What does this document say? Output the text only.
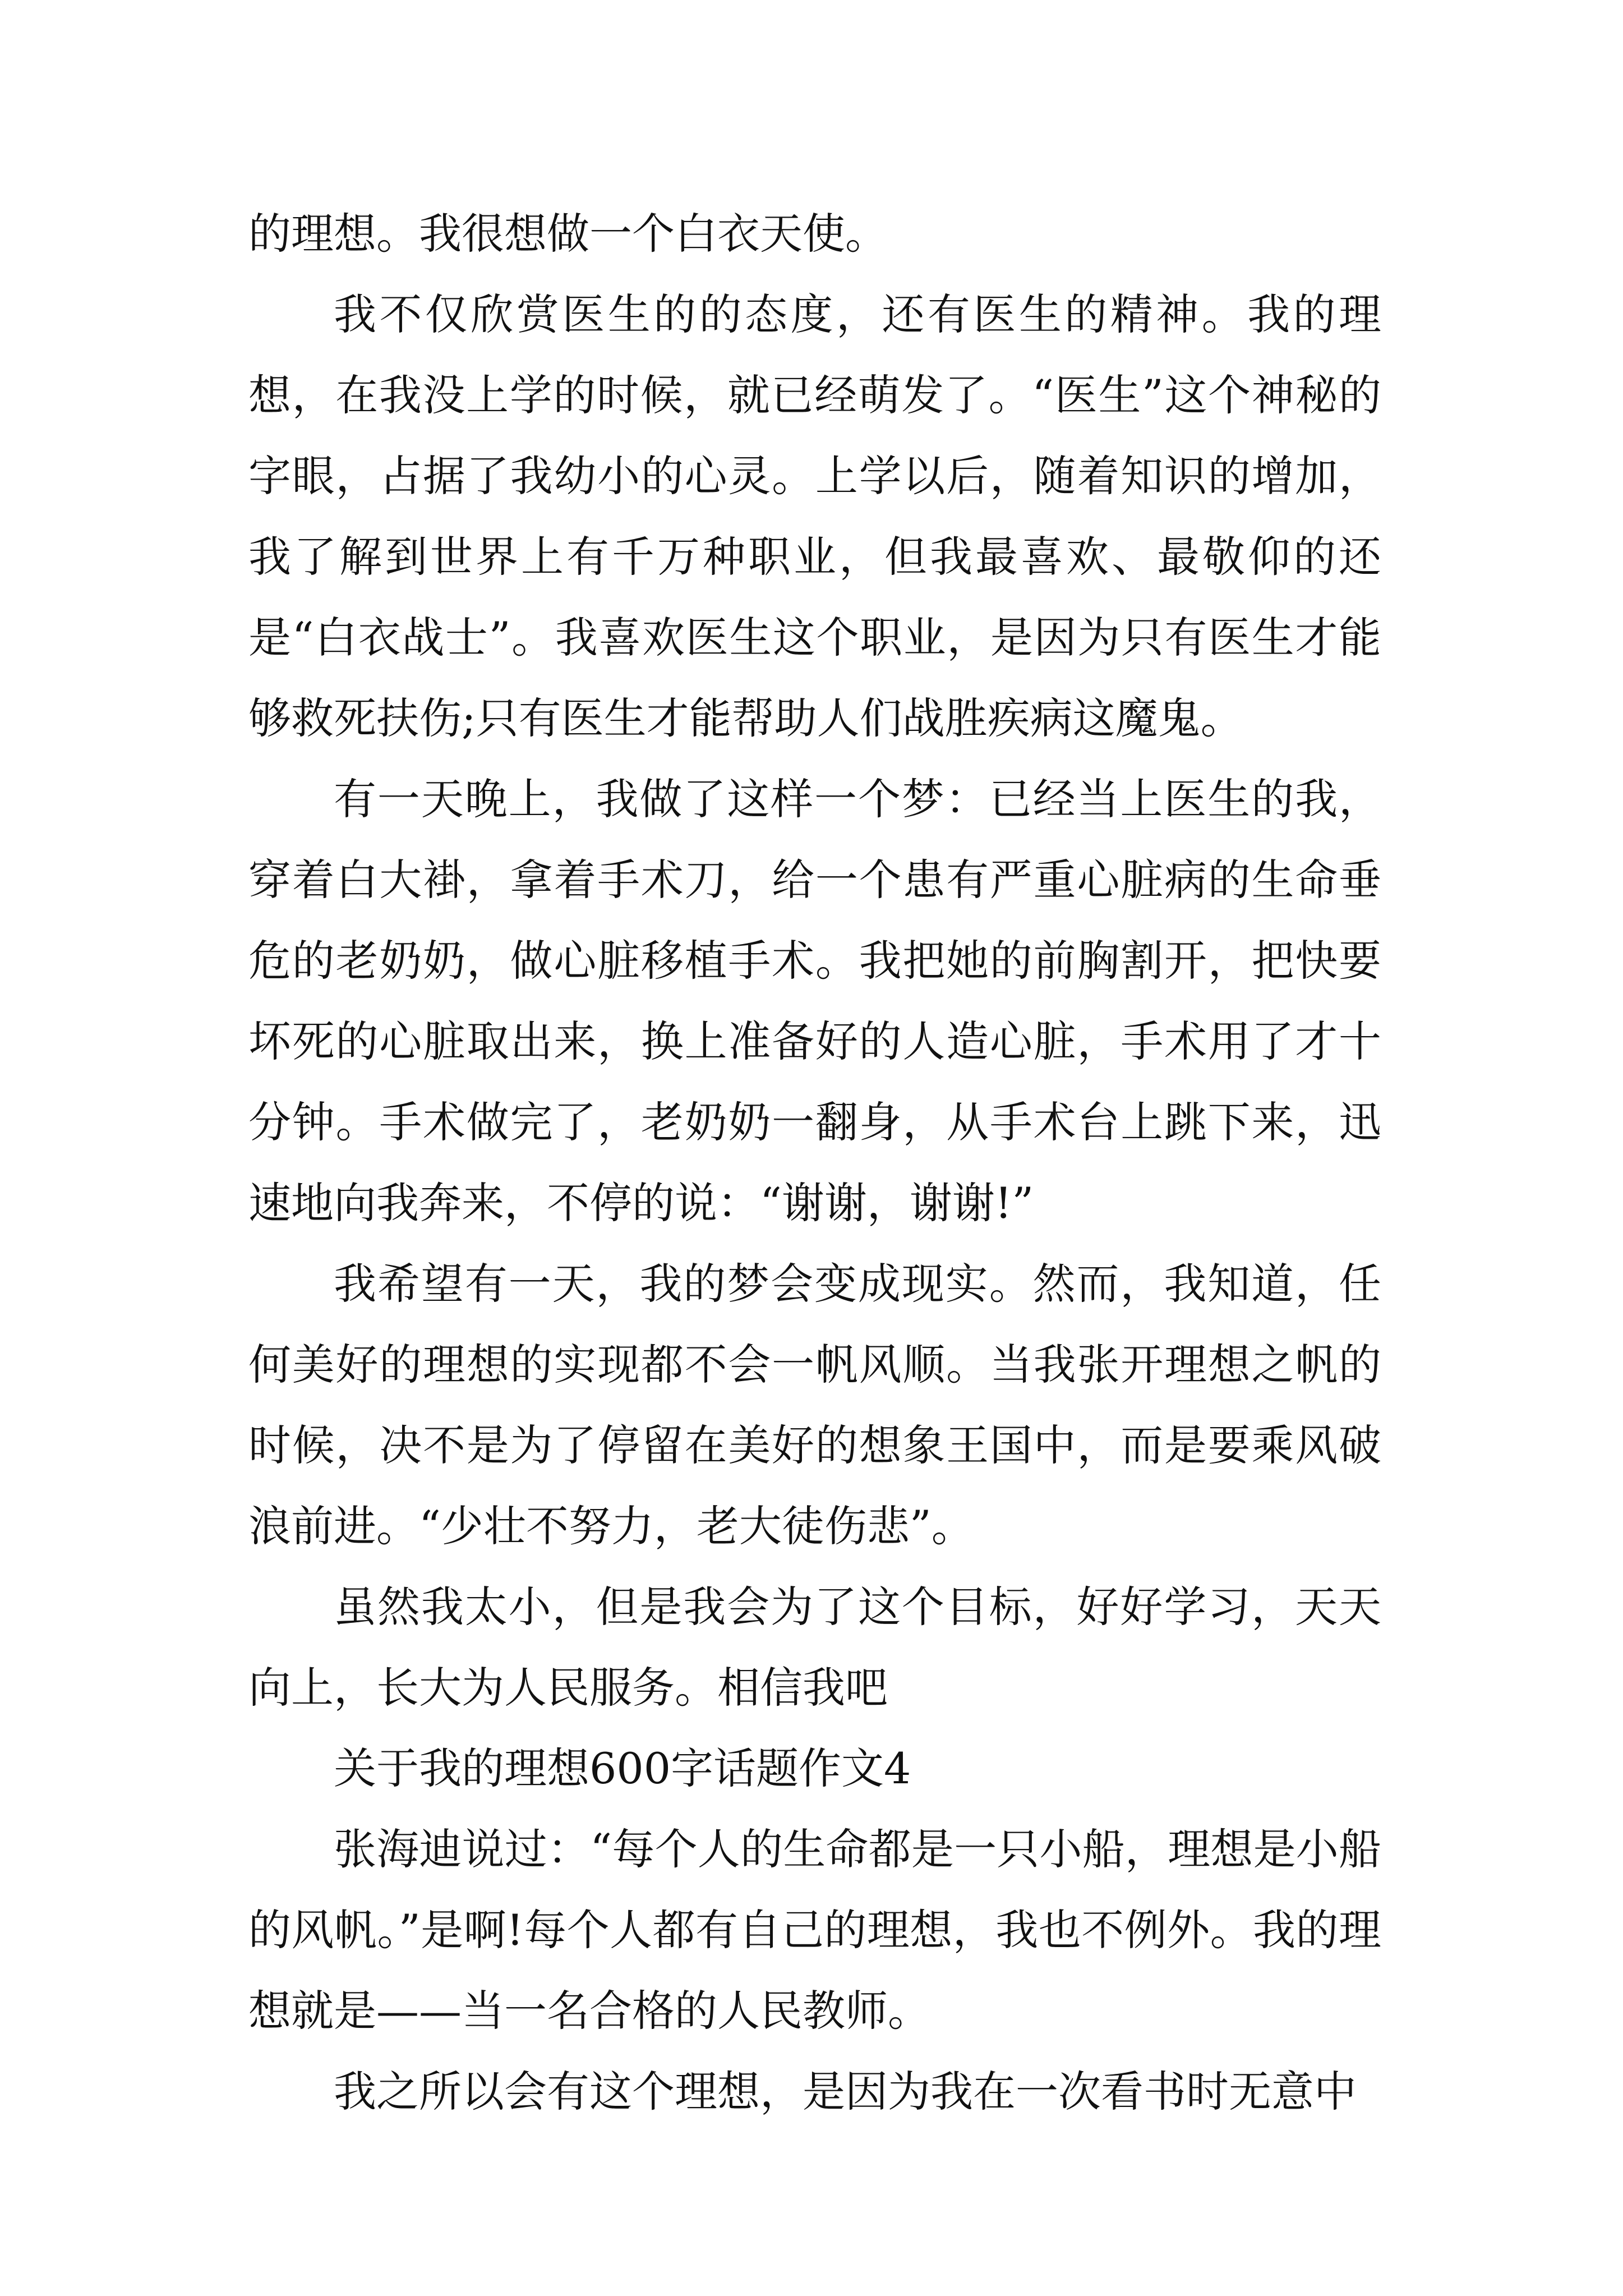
的理想。我很想做一个白衣天使。

我不仅欣赏医生的的态度，还有医生的精神。我的理想，在我没上学的时候，就已经萌发了。“医生”这个神秘的字眼，占据了我幼小的心灵。上学以后，随着知识的增加，我了解到世界上有千万种职业，但我最喜欢、最敬仰的还是“白衣战士”。我喜欢医生这个职业，是因为只有医生才能够救死扶伤;只有医生才能帮助人们战胜疾病这魔鬼。

有一天晚上，我做了这样一个梦：已经当上医生的我，穿着白大褂，拿着手术刀，给一个患有严重心脏病的生命垂危的老奶奶，做心脏移植手术。我把她的前胸割开，把快要坏死的心脏取出来，换上准备好的人造心脏，手术用了才十分钟。手术做完了，老奶奶一翻身，从手术台上跳下来，迅速地向我奔来，不停的说：“谢谢，谢谢!”

我希望有一天，我的梦会变成现实。然而，我知道，任何美好的理想的实现都不会一帆风顺。当我张开理想之帆的时候，决不是为了停留在美好的想象王国中，而是要乘风破浪前进。“少壮不努力，老大徒伤悲”。

虽然我太小，但是我会为了这个目标，好好学习，天天向上，长大为人民服务。相信我吧

关于我的理想600字话题作文4

张海迪说过：“每个人的生命都是一只小船，理想是小船的风帆。”是啊!每个人都有自己的理想，我也不例外。我的理想就是——当一名合格的人民教师。

我之所以会有这个理想，是因为我在一次看书时无意中
